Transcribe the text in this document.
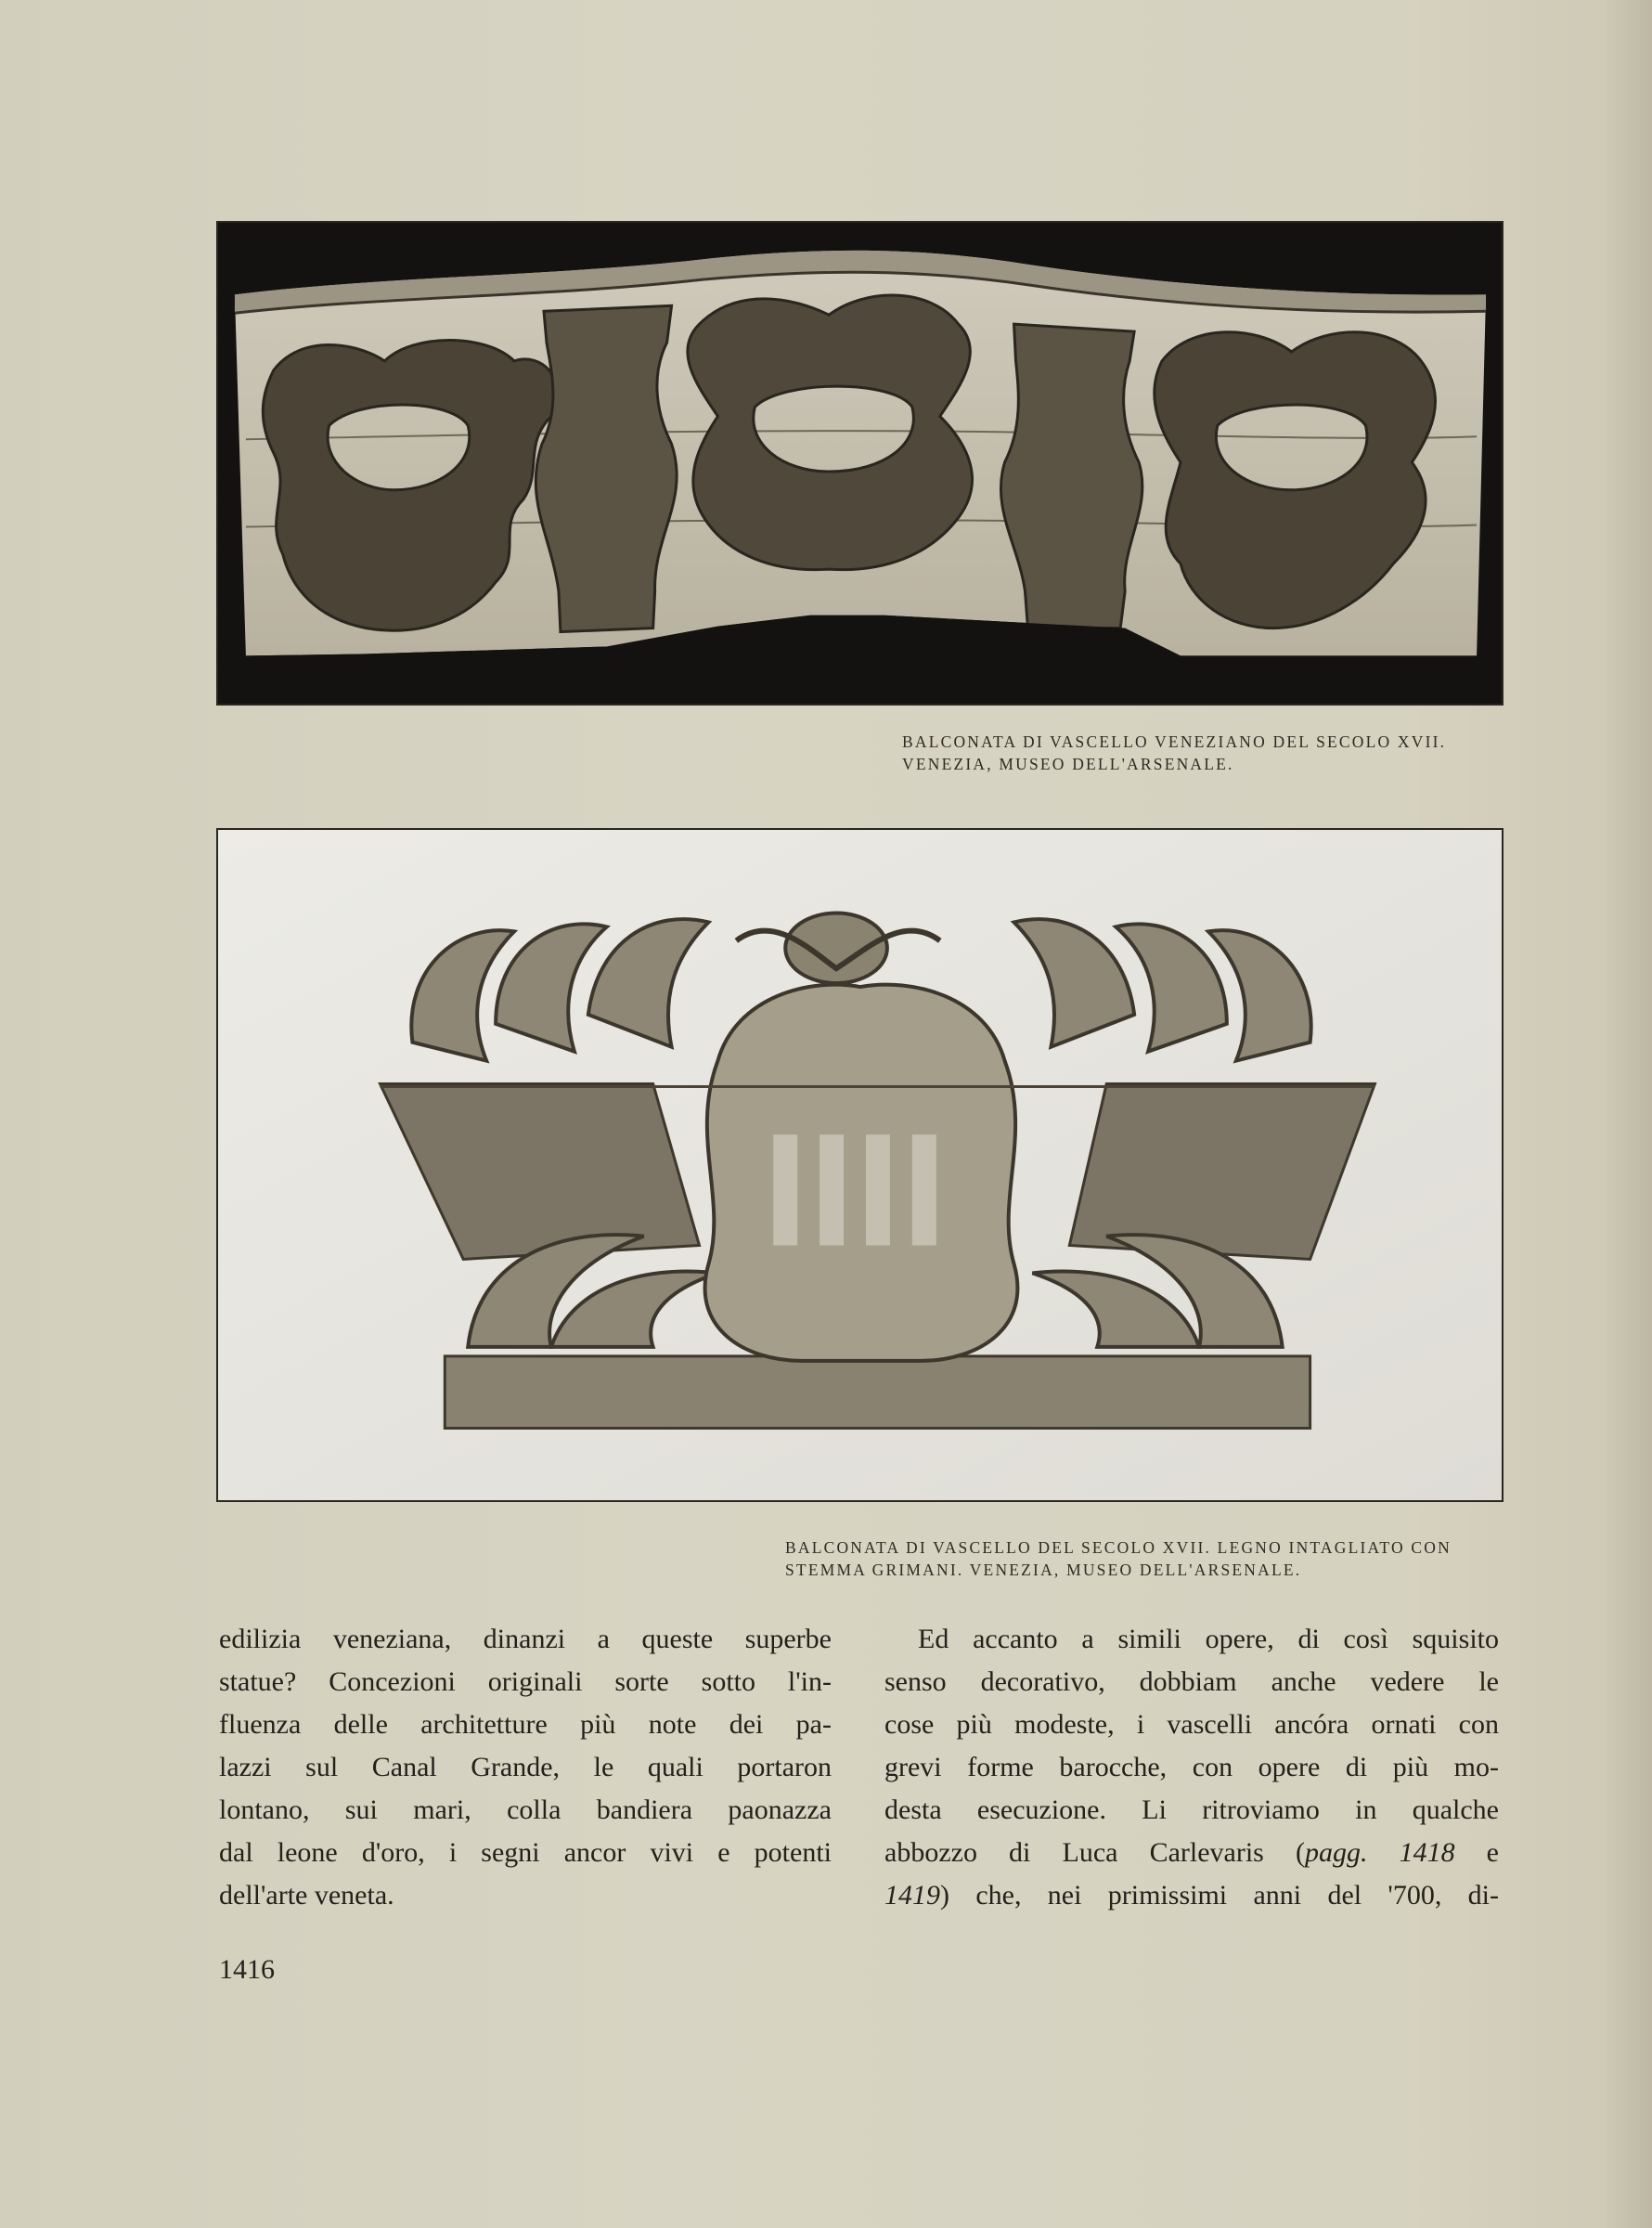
BALCONATA DI VASCELLO VENEZIANO DEL SECOLO XVII.
VENEZIA, MUSEO DELL'ARSENALE.
BALCONATA DI VASCELLO DEL SECOLO XVII. LEGNO INTAGLIATO CON
STEMMA GRIMANI. VENEZIA, MUSEO DELL'ARSENALE.
edilizia veneziana, dinanzi a queste superbe
statue? Concezioni originali sorte sotto l'in-
fluenza delle architetture più note dei pa-
lazzi sul Canal Grande, le quali portaron
lontano, sui mari, colla bandiera paonazza
dal leone d'oro, i segni ancor vivi e potenti
dell'arte veneta.
Ed accanto a simili opere, di così squisito
senso decorativo, dobbiam anche vedere le
cose più modeste, i vascelli ancóra ornati con
grevi forme barocche, con opere di più mo-
desta esecuzione. Li ritroviamo in qualche
abbozzo di Luca Carlevaris (pagg. 1418 e
1419) che, nei primissimi anni del '700, di-
1416
